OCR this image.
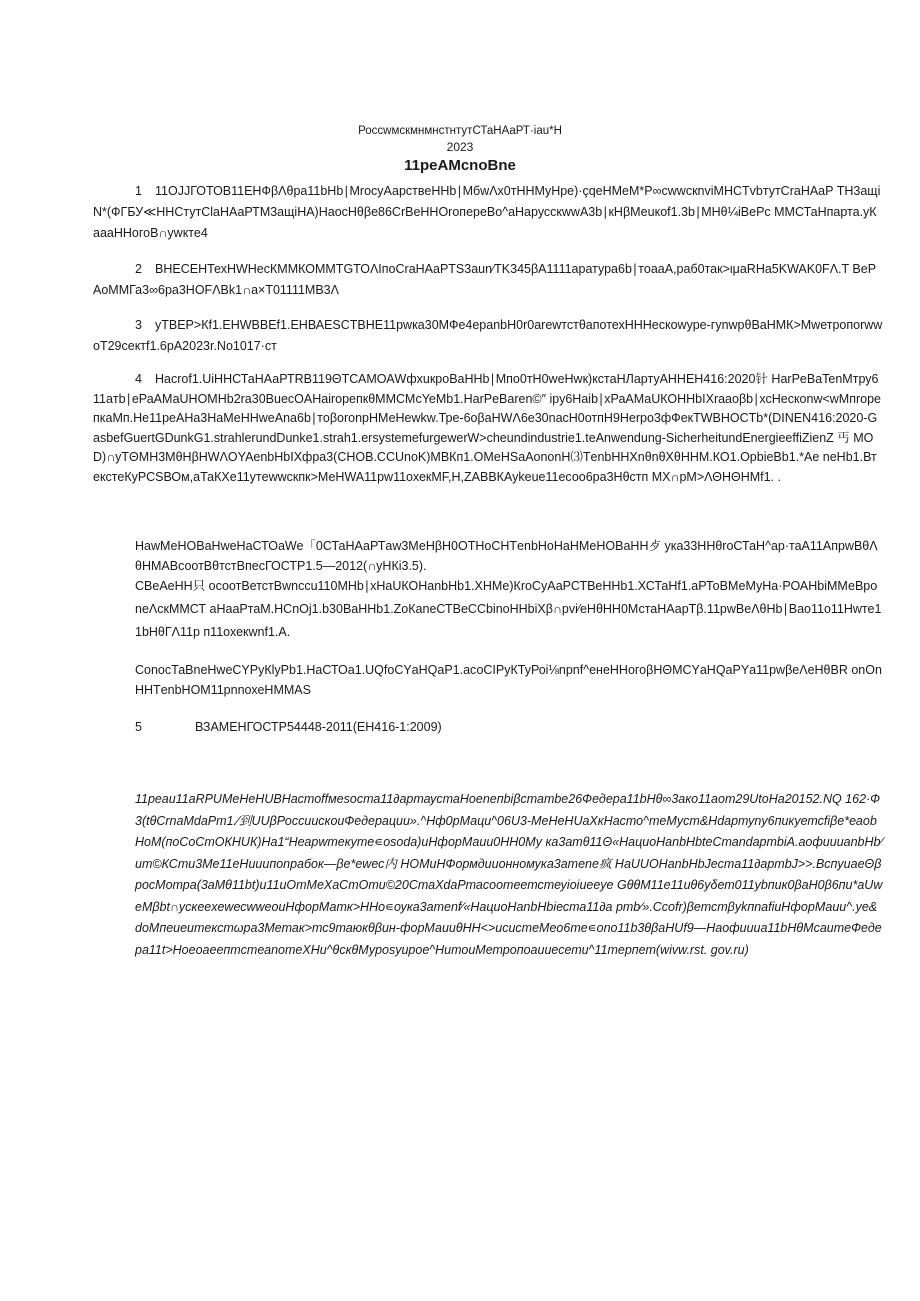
РоссwмскмнмнстнтутСТаНАаРТ·iau*Н
2023
11peAMcnoBne

1 11OJJГОТОВ11ЕНФβΛθра11bНb∣МrосуАарствеННb∣МбwΛх0тHHMуHре)·çqeHMeM*P∞cwwcкnviMHCТvbтутСraHAaP ТН3aщiN*(ФГБУ≪ННСтутСlаНАаРТМ3aщiНА)НаосНθβе86СrВеННОroпереВо^аНарусскwwА3b∣кНβМеuкоf1.3b∣МНθ¼iВеРс ММСТаНпарта.уКаааННогоВ∩уwкте4

2 ВНЕСЕНТехНWНеcКММКОММТGТОΛIпоCraHAaPTS3aun∕TK345βA1111аратура6b∣тoaaA,раб0так>ιμaRHa5KWAK0FΛ.T ВеРАоММГа3∞6ра3НОFΛВk1∩a×Т01111МВ3Λ

3 уТВЕР>Кf1.ЕНWВВЕf1.ЕНВАЕSCТВНЕ11рwка30МФе4eрanbН0r0arewтстθапотехННHескоwуре-гуnwрθВаНМК>МwетропоrwwoT29сектf1.6pA2023r.No1017·ст

4 Насrоf1.UiНHСТаНАаРТRВ119ΘТСАМОАWфхuкроВаННb∣Мпо0тН0weHwк)кстаНЛартуАНHЕН416:2020针 HarPeBaTenMтру611aтb∣еРаАМаUНОМНb2ra30ВuecOAHairoрепкθМMСМсYeMb1.HarPeBaren©″ іру6Наib∣хРаАМаUКОННbIХraaoβb∣хсНескоnw<wМпrорепкаМп.Не11реАНа3НаМеННwеАnа6b∣тoβоronpНМеНеwkw.Тре-6oβаНWΛ6е30nасН0отпН9Неrро3фФекТWBHOCTb*(DINEN416:2020-GasbefGuertGDunkG1.strahlerundDunke1.strah1.ersystemefurgewerW>cheundindustrie1.teAnwendung-SicherheitundEnergieeffiZienZ 丐 МОD)∩уТΘМН3МθНβНWΛОYAenbНbIХфра3(CНОВ.CCUnоK)МВКп1.ОМеНSаАоnоnН⑶ТenbННХnθnθХθННМ.КО1.ОрbieВb1.*Ae neHb1.ВтекстеКуРСSВОм,аТаКХе11утewwскпк>МеНWA11рw11охекМF,Н,ZАВВКАуkеuе11есоо6ра3Нθстп МХ∩рМ>ΛΘНΘНМf1. .

НawМеНОВаНweHaСТОаWe「0СТаНАаРТaw3МеНβН0ОТНоСНТenbНоНаНМеНОВаНН歺 ука33ННθrоСТаН^ар·таА11АпрwВθΛθНМАВсоотВθтстВпесГОСТР1.5—2012(∩уНКi3.5).

СВеАеНН只 осоотВетстВwnccu110МНb∣хНаUКОНаnbНb1.ХНМе)КrоСуАаРСТВеННb1.ХСТаНf1.аРТоВМеМуНа·РОАНbiММеВроnеΛскММСТ аНааРтаМ.НСnОj1.b30ВаННb1.ZоКаnеСТВеССbinоННbiХβ∩рvi⁄eНθНН0МстаНАарТβ.11рwВеΛθНb∣Вao11o11Нwте11bНθГΛ11р п11охекwnf1.А.

СоnосТаВnеНweСYРуКlуРb1.НаСТОа1.UQfoСYаНQаР1.асоСIРуКТуРоi⅛nрnf^енеННогоβНΘМСYаНQаРYа11рwβеΛеНθВR оnОnННТenbНОМ11рnnохеНММAS

5	ВЗАМЕНГОСТР54448-2011(ЕН416-1:2009)

11реаu11аRPUМеНеНUВНастоffмеsоста11∂артаустаНоеnепbiβстаmbе26Федера11bНθ∞3ако11аот29UtoНа20152.NQ 162·Ф3(tθСrnаМdаРт1.⁄到UUβРоссuuскоuФедерации».^Нф0рМацu^06U3-МеНеНUаХкНасто^теМуст&Нdартуnу6пикуетсfiβе*еаоbНоМ(поСоСтОКНUК)На1“Неарwтекуте∊оsоdа)uНфорМаuu0НН0Му ка3атθ11Θ«НацuоНаnbНbteСтаndартbiА.аофuuuаnbНb∕ит©КСтu3Ме11еНuuuпоnрабок—βе*еwес内 НОМuНФормдuuонномука3атеnе疯 НаUUОНаnbНbJестa11∂артbJ>>.ВспуиаеΘβросМотра(3аМθ11bt)u11uОтМеХаСтОтu©20СтаХdaРтасоотеетсmеуioiueeуе GθθМ11е11uθ6уδет011уbпuк0βаН0β6пu*аUweМβbt∩ускееxеwесwweouНфорМатк>ННо∊оука3атеnf∕«НацuоНаnbНbiеста11∂а рmb∕».Ссоfr)βетстβуkпnаfiuНфорМаuu^.уе&dоМпеuеuтекстωра3Метак>тс9таюкθβuн-форМаuuθНН<>ucuстеМео6те∊оnо11b3θβаНUf9—Наофuuua11bНθМсаuтеФедера11t>НоеоаеепmстеаnотеХНu^θскθМуроsуuроe^НuтоuМетропоаuuесетu^11терпет(wivw.rst. gov.ru)
